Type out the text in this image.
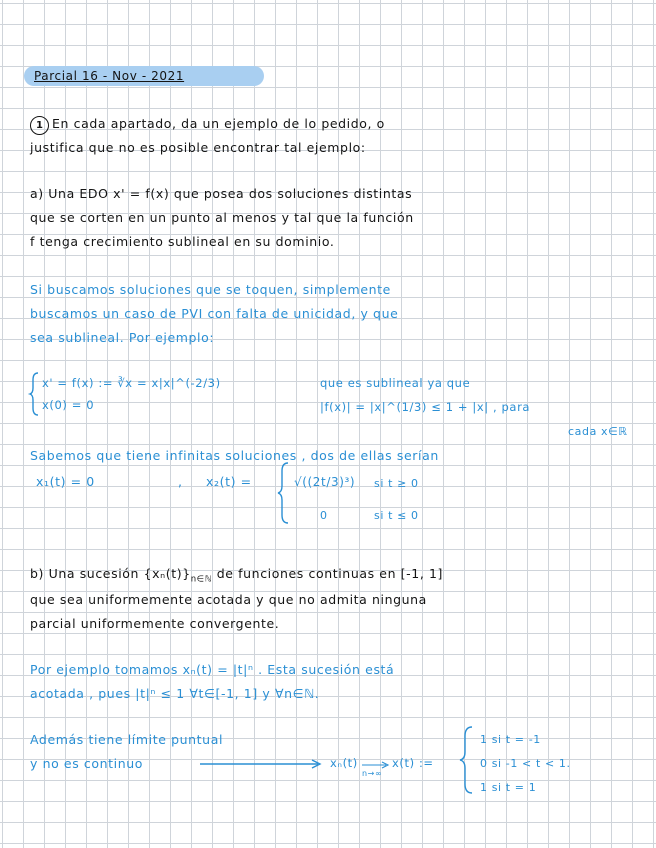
Parcial 16 - Nov - 2021
1 En cada apartado, da un ejemplo de lo pedido, o
justifica que no es posible encontrar tal ejemplo:
a) Una EDO x' = f(x) que posea dos soluciones distintas
que se corten en un punto al menos y tal que la función
f tenga crecimiento sublineal en su dominio.
Si buscamos soluciones que se toquen, simplemente
buscamos un caso de PVI con falta de unicidad, y que
sea sublineal. Por ejemplo:
x' = f(x) := ∛x = x|x|^(-2/3)
x(0) = 0
que es sublineal ya que
|f(x)| = |x|^(1/3) ≤ 1 + |x| , para
cada x∈ℝ
Sabemos que tiene infinitas soluciones , dos de ellas serían
x₁(t) = 0	, x₂(t) =	√((2t/3)³) si t ≥ 0
0	si t ≤ 0
b) Una sucesión $\{x_n(t)\}_{n\in ℕ}$ de funciones continuas en [-1, 1]
que sea uniformemente acotada y que no admita ninguna
parcial uniformemente convergente.
Por ejemplo tomamos xₙ(t) = |t|ⁿ . Esta sucesión está
acotada , pues |t|ⁿ ≤ 1 ∀t∈[-1, 1] y ∀n∈ℕ.
Además tiene límite puntual
y no es continuo	xₙ(t)
n→∞
x(t) :=
1 si t = -1
0 si -1 < t < 1.
1 si t = 1
